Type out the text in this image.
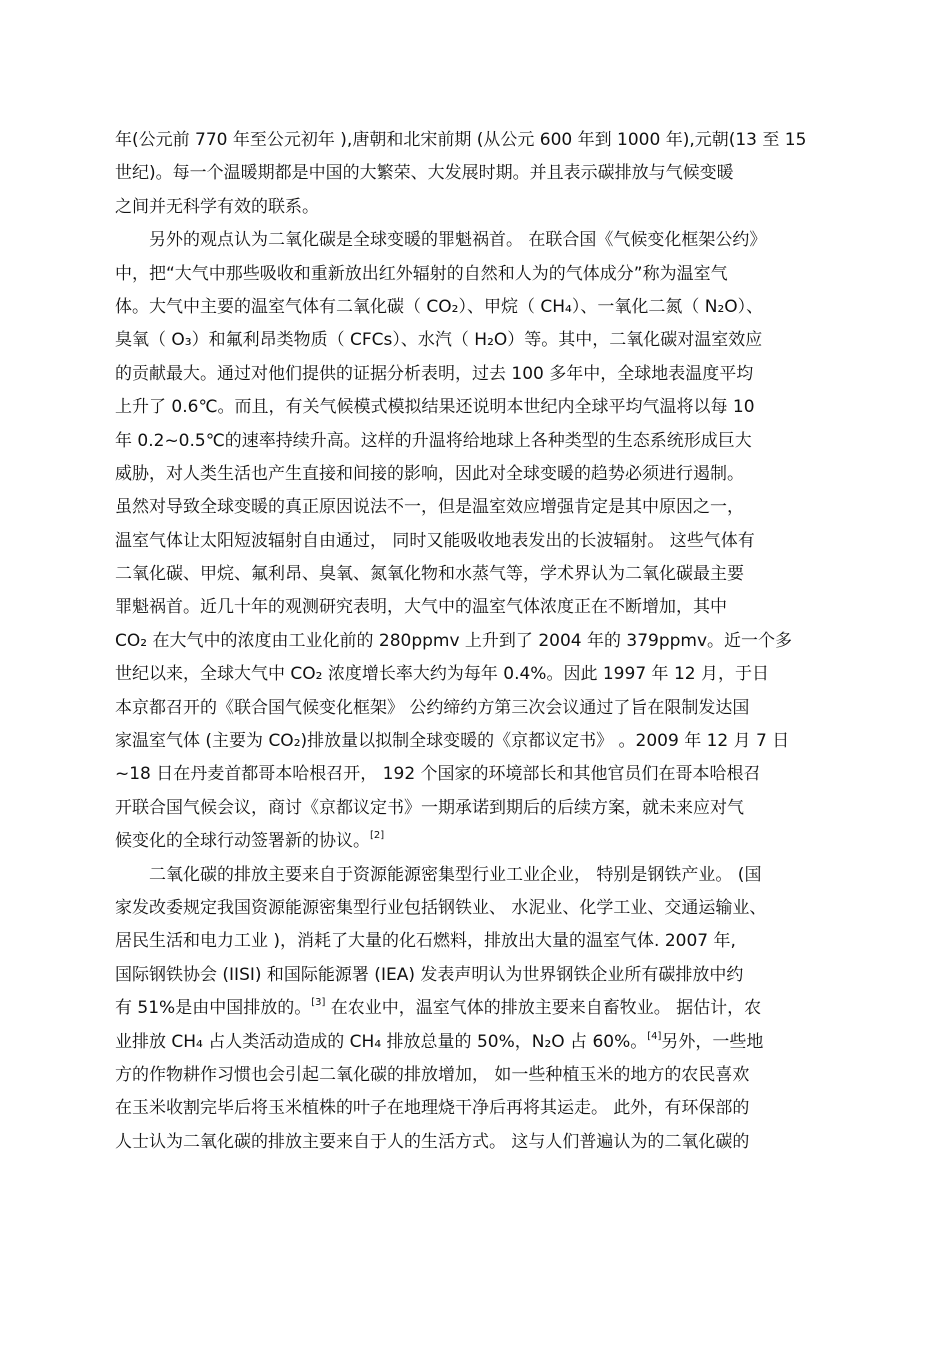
年(公元前 770 年至公元初年 ),唐朝和北宋前期 (从公元 600 年到 1000 年),元朝(13 至 15
世纪)。每一个温暖期都是中国的大繁荣、大发展时期。并且表示碳排放与气候变暖
之间并无科学有效的联系。
另外的观点认为二氧化碳是全球变暖的罪魁祸首。 在联合国《气候变化框架公约》
中，把“大气中那些吸收和重新放出红外辐射的自然和人为的气体成分”称为温室气
体。大气中主要的温室气体有二氧化碳（ CO₂）、甲烷（ CH₄）、一氧化二氮（ N₂O）、
臭氧（ O₃）和氟利昂类物质（ CFCs）、水汽（ H₂O）等。其中，二氧化碳对温室效应
的贡献最大。通过对他们提供的证据分析表明，过去 100 多年中，全球地表温度平均
上升了 0.6℃。而且，有关气候模式模拟结果还说明本世纪内全球平均气温将以每 10
年 0.2~0.5℃的速率持续升高。这样的升温将给地球上各种类型的生态系统形成巨大
威胁，对人类生活也产生直接和间接的影响，因此对全球变暖的趋势必须进行遏制。
虽然对导致全球变暖的真正原因说法不一，但是温室效应增强肯定是其中原因之一，
温室气体让太阳短波辐射自由通过， 同时又能吸收地表发出的长波辐射。 这些气体有
二氧化碳、甲烷、氟利昂、臭氧、氮氧化物和水蒸气等，学术界认为二氧化碳最主要
罪魁祸首。近几十年的观测研究表明，大气中的温室气体浓度正在不断增加，其中
CO₂ 在大气中的浓度由工业化前的 280ppmv 上升到了 2004 年的 379ppmv。近一个多
世纪以来，全球大气中 CO₂ 浓度增长率大约为每年 0.4%。因此 1997 年 12 月，于日
本京都召开的《联合国气候变化框架》 公约缔约方第三次会议通过了旨在限制发达国
家温室气体 (主要为 CO₂)排放量以拟制全球变暖的《京都议定书》 。2009 年 12 月 7 日
~18 日在丹麦首都哥本哈根召开， 192 个国家的环境部长和其他官员们在哥本哈根召
开联合国气候会议，商讨《京都议定书》一期承诺到期后的后续方案，就未来应对气
候变化的全球行动签署新的协议。[2]
二氧化碳的排放主要来自于资源能源密集型行业工业企业， 特别是钢铁产业。 (国
家发改委规定我国资源能源密集型行业包括钢铁业、 水泥业、化学工业、交通运输业、
居民生活和电力工业 )，消耗了大量的化石燃料，排放出大量的温室气体. 2007 年,
国际钢铁协会 (IISI) 和国际能源署 (IEA) 发表声明认为世界钢铁企业所有碳排放中约
有 51%是由中国排放的。[3] 在农业中，温室气体的排放主要来自畜牧业。 据估计，农
业排放 CH₄ 占人类活动造成的 CH₄ 排放总量的 50%，N₂O 占 60%。[4]另外，一些地
方的作物耕作习惯也会引起二氧化碳的排放增加， 如一些种植玉米的地方的农民喜欢
在玉米收割完毕后将玉米植株的叶子在地理烧干净后再将其运走。 此外，有环保部的
人士认为二氧化碳的排放主要来自于人的生活方式。 这与人们普遍认为的二氧化碳的
